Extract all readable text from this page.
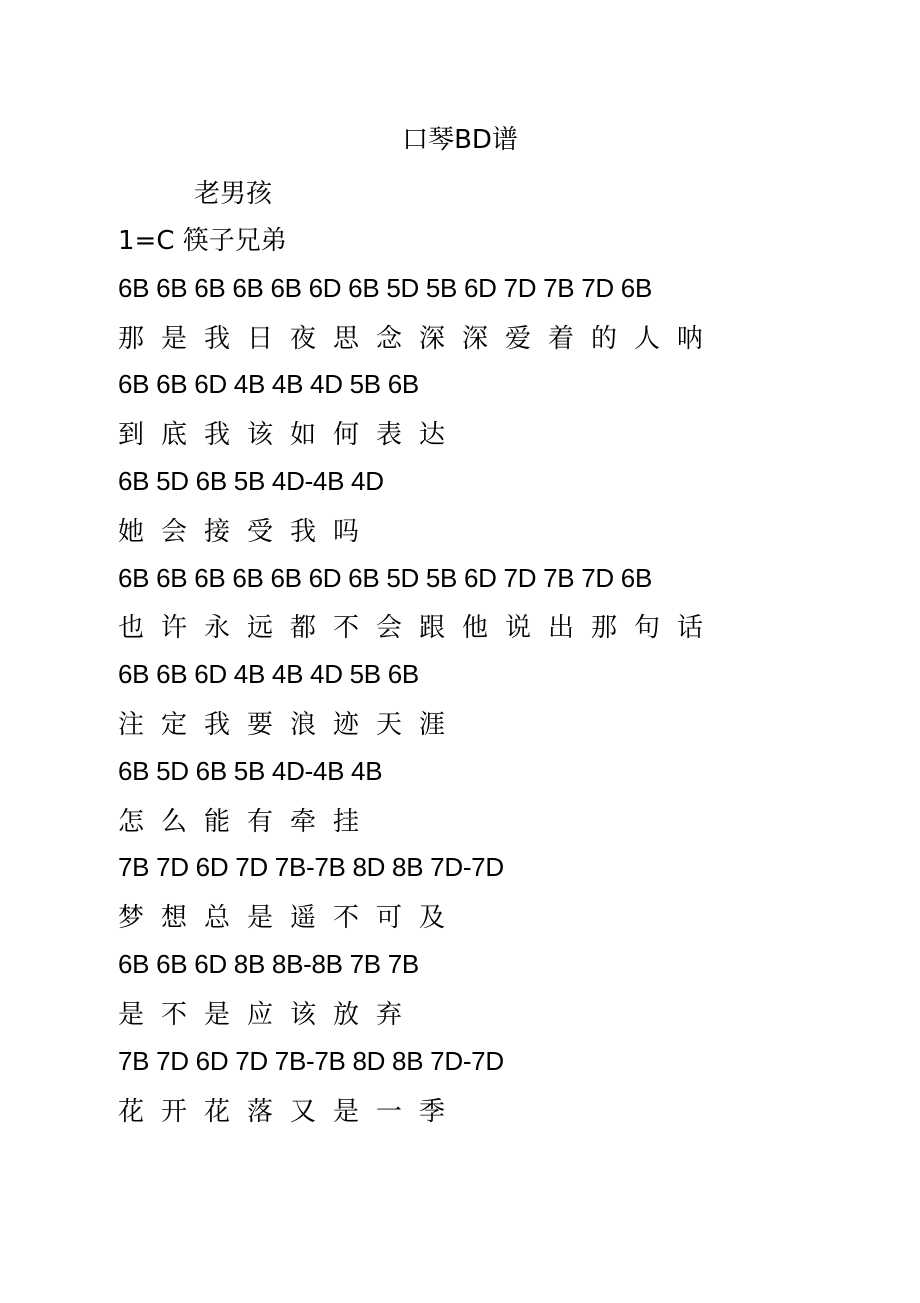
口琴BD谱
老男孩
1=C 筷子兄弟
6B 6B 6B 6B 6B 6D 6B 5D 5B 6D 7D 7B 7D 6B
那是我日夜思念深深爱着的人呐
6B 6B 6D 4B 4B 4D 5B 6B
到底我该如何表达
6B 5D 6B 5B 4D-4B 4D
她会接受我吗
6B 6B 6B 6B 6B 6D 6B 5D 5B 6D 7D 7B 7D 6B
也许永远都不会跟他说出那句话
6B 6B 6D 4B 4B 4D 5B 6B
注定我要浪迹天涯
6B 5D 6B 5B 4D-4B 4B
怎么能有牵挂
7B 7D 6D 7D 7B-7B 8D 8B 7D-7D
梦想总是遥不可及
6B 6B 6D 8B 8B-8B 7B 7B
是不是应该放弃
7B 7D 6D 7D 7B-7B 8D 8B 7D-7D
花开花落又是一季
